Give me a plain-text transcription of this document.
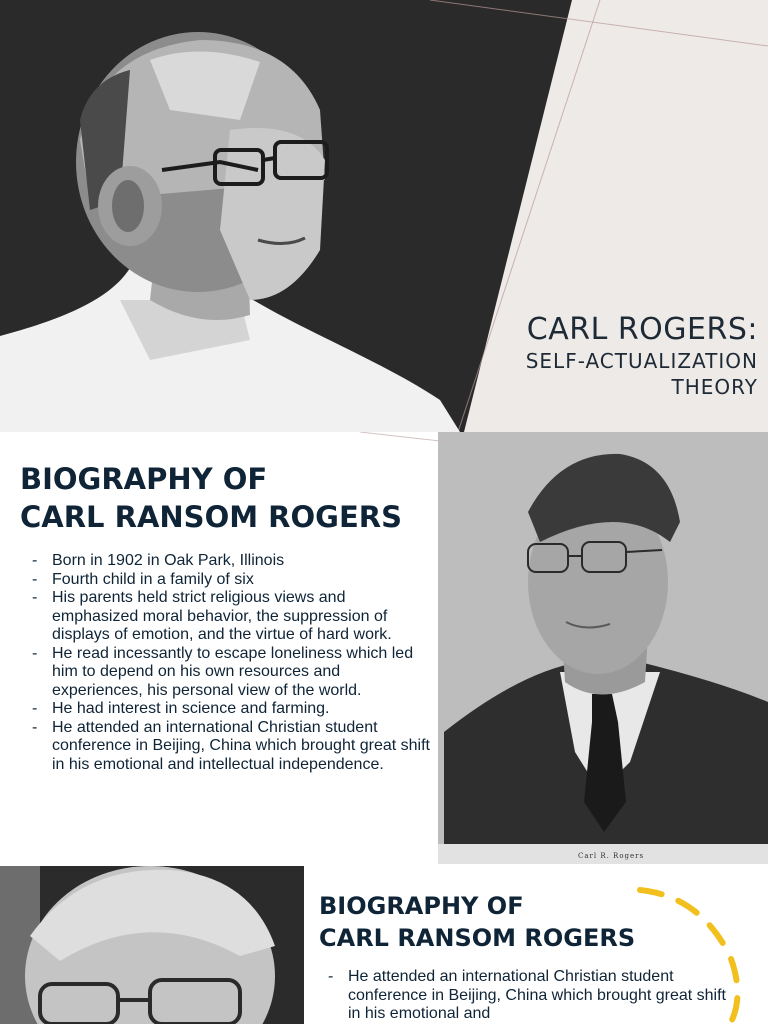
CARL ROGERS:
SELF-ACTUALIZATION
THEORY
Carl R. Rogers
BIOGRAPHY OF
CARL RANSOM ROGERS
- Born in 1902 in Oak Park, Illinois
- Fourth child in a family of six
- His parents held strict religious views and emphasized moral behavior, the suppression of displays of emotion, and the virtue of hard work.
- He read incessantly to escape loneliness which led him to depend on his own resources and experiences, his personal view of the world.
- He had interest in science and farming.
- He attended an international Christian student conference in Beijing, China which brought great shift in his emotional and intellectual independence.
BIOGRAPHY OF
CARL RANSOM ROGERS
- He attended an international Christian student conference in Beijing, China which brought great shift in his emotional and
